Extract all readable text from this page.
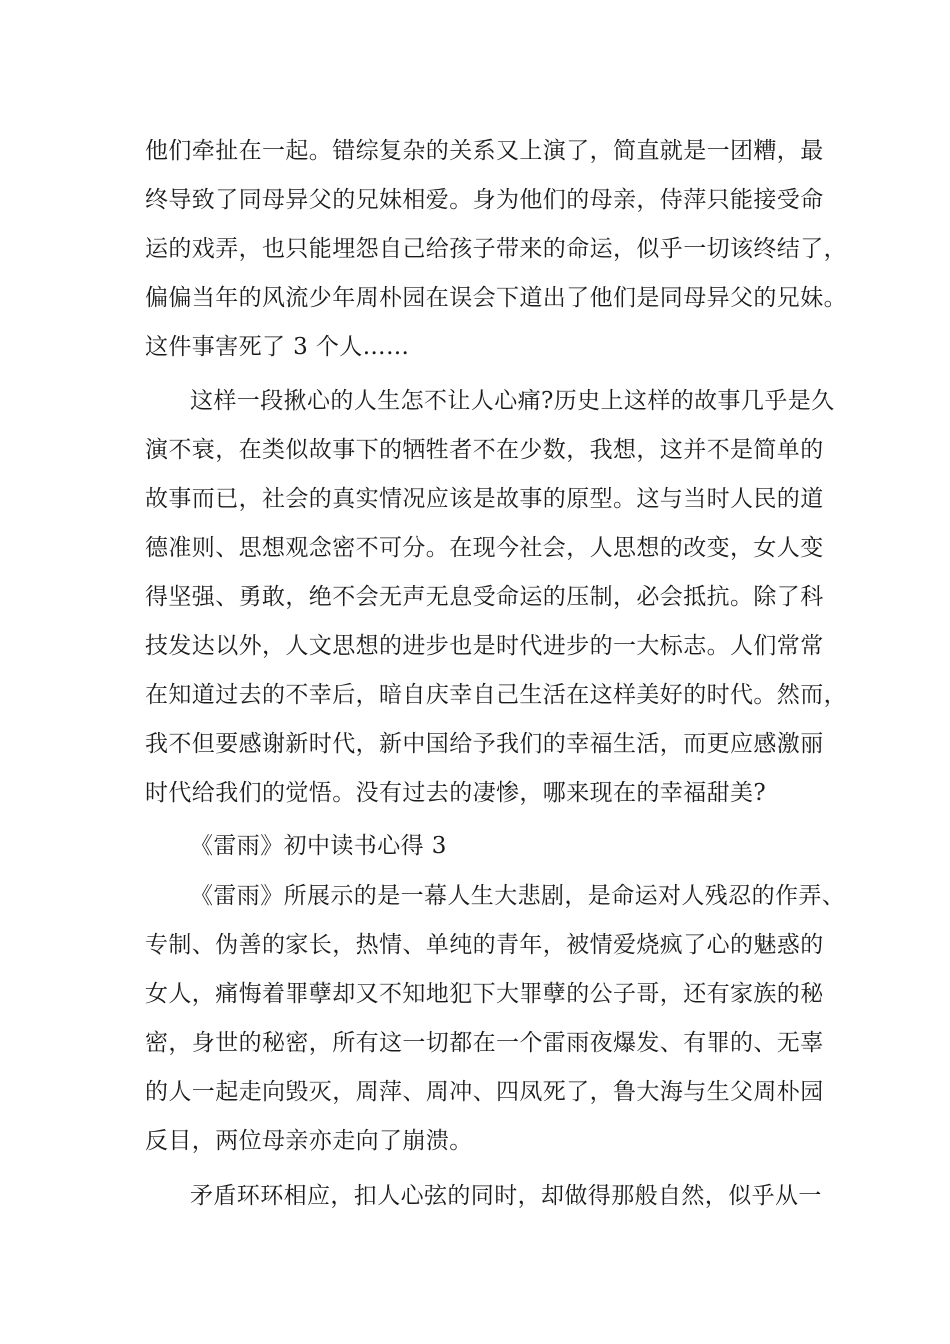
他们牵扯在一起。错综复杂的关系又上演了，简直就是一团糟，最
终导致了同母异父的兄妹相爱。身为他们的母亲，侍萍只能接受命
运的戏弄，也只能埋怨自己给孩子带来的命运，似乎一切该终结了，
偏偏当年的风流少年周朴园在误会下道出了他们是同母异父的兄妹。
这件事害死了 3 个人……
这样一段揪心的人生怎不让人心痛?历史上这样的故事几乎是久
演不衰，在类似故事下的牺牲者不在少数，我想，这并不是简单的
故事而已，社会的真实情况应该是故事的原型。这与当时人民的道
德准则、思想观念密不可分。在现今社会，人思想的改变，女人变
得坚强、勇敢，绝不会无声无息受命运的压制，必会抵抗。除了科
技发达以外，人文思想的进步也是时代进步的一大标志。人们常常
在知道过去的不幸后，暗自庆幸自己生活在这样美好的时代。然而，
我不但要感谢新时代，新中国给予我们的幸福生活，而更应感激丽
时代给我们的觉悟。没有过去的凄惨，哪来现在的幸福甜美?
《雷雨》初中读书心得 3
《雷雨》所展示的是一幕人生大悲剧，是命运对人残忍的作弄、
专制、伪善的家长，热情、单纯的青年，被情爱烧疯了心的魅惑的
女人，痛悔着罪孽却又不知地犯下大罪孽的公子哥，还有家族的秘
密，身世的秘密，所有这一切都在一个雷雨夜爆发、有罪的、无辜
的人一起走向毁灭，周萍、周冲、四凤死了，鲁大海与生父周朴园
反目，两位母亲亦走向了崩溃。
矛盾环环相应，扣人心弦的同时，却做得那般自然，似乎从一
